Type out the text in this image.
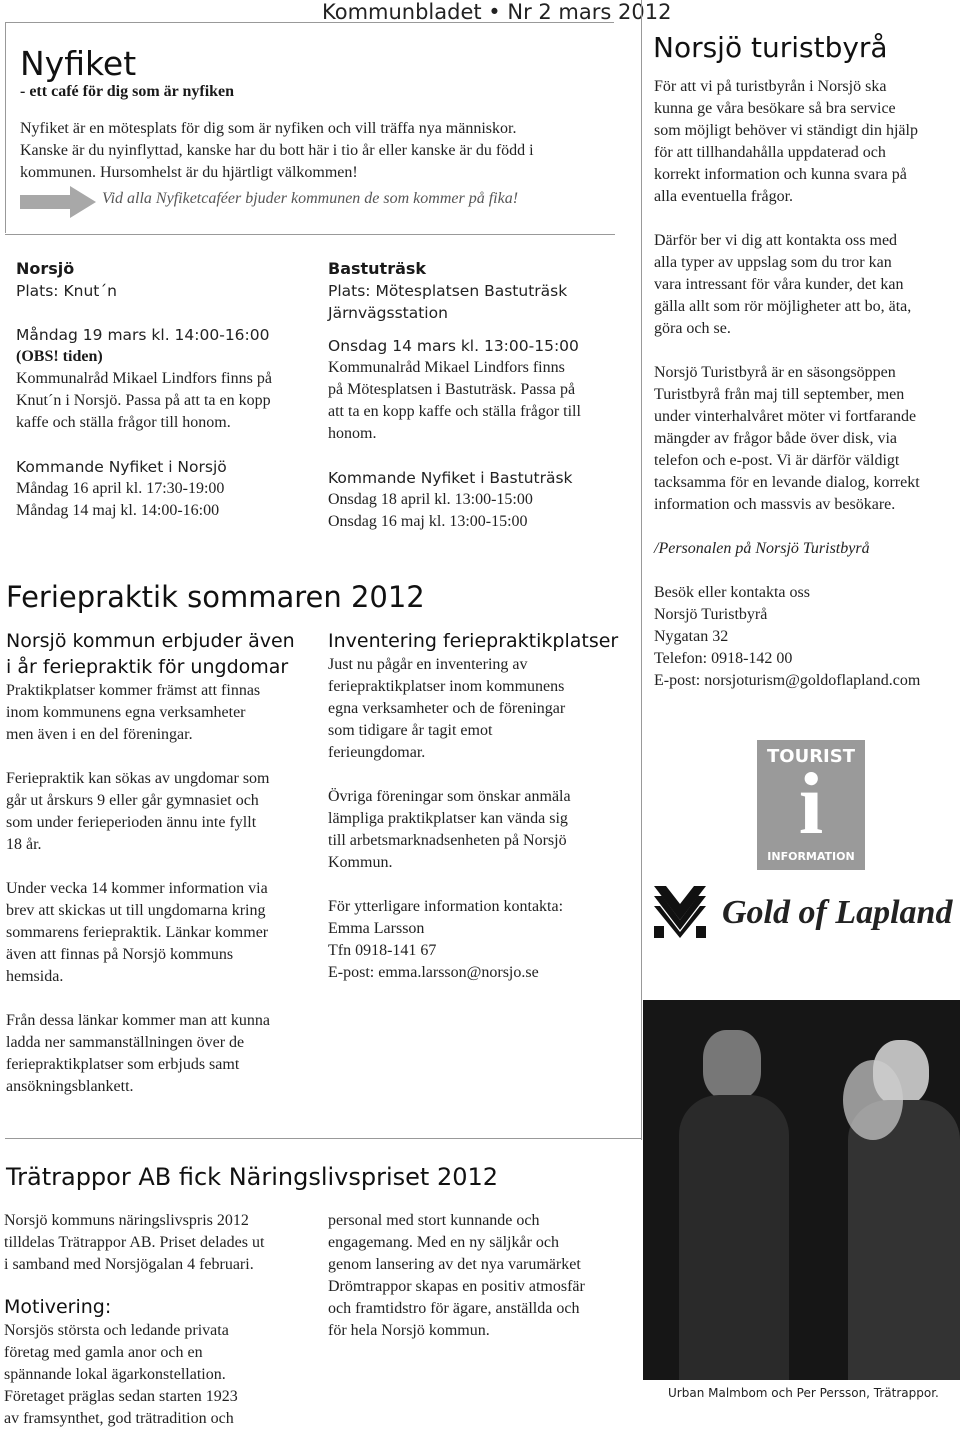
Kommunbladet • Nr 2 mars 2012
Nyfiket
- ett café för dig som är nyfiken

Nyfiket är en mötesplats för dig som är nyfiken och vill träffa nya människor.

Kanske är du nyinflyttad, kanske har du bott här i tio år eller kanske är du född i

kommunen. Hursomhelst är du hjärtligt välkommen!

Vid alla Nyfiketcaféer bjuder kommunen de som kommer på fika!
Norsjö
Plats: Knut´n
Måndag 19 mars kl. 14:00-16:00
(OBS! tiden)

Kommunalråd Mikael Lindfors finns på

Knut´n i Norsjö. Passa på att ta en kopp

kaffe och ställa frågor till honom.

Kommande Nyfiket i Norsjö

Måndag 16 april kl. 17:30-19:00

Måndag 14 maj kl. 14:00-16:00

Bastuträsk

Plats: Mötesplatsen Bastuträsk

Järnvägsstation

Onsdag 14 mars kl. 13:00-15:00

Kommunalråd Mikael Lindfors finns

på Mötesplatsen i Bastuträsk. Passa på

att ta en kopp kaffe och ställa frågor till

honom.

Kommande Nyfiket i Bastuträsk

Onsdag 18 april kl. 13:00-15:00

Onsdag 16 maj kl. 13:00-15:00

Norsjö turistbyrå

För att vi på turistbyrån i Norsjö ska

kunna ge våra besökare så bra service

som möjligt behöver vi ständigt din hjälp

för att tillhandahålla uppdaterad och

korrekt information och kunna svara på

alla eventuella frågor.

Därför ber vi dig att kontakta oss med

alla typer av uppslag som du tror kan

vara intressant för våra kunder, det kan

gälla allt som rör möjligheter att bo, äta,

göra och se.

Norsjö Turistbyrå är en säsongsöppen

Turistbyrå från maj till september, men

under vinterhalvåret möter vi fortfarande

mängder av frågor både över disk, via

telefon och e-post. Vi är därför väldigt

tacksamma för en levande dialog, korrekt

information och massvis av besökare.

/Personalen på Norsjö Turistbyrå

Besök eller kontakta oss

Norsjö Turistbyrå

Nygatan 32

Telefon: 0918-142 00

E-post: norsjoturism@goldoflapland.com

TOURIST
i
INFORMATION
Gold of Lapland
Feriepraktik sommaren 2012

Norsjö kommun erbjuder även

i år feriepraktik för ungdomar

Praktikplatser kommer främst att finnas

inom kommunens egna verksamheter

men även i en del föreningar.

Feriepraktik kan sökas av ungdomar som

går ut årskurs 9 eller går gymnasiet och

som under ferieperioden ännu inte fyllt

18 år.

Under vecka 14 kommer information via

brev att skickas ut till ungdomarna kring

sommarens feriepraktik. Länkar kommer

även att finnas på Norsjö kommuns

hemsida.

Från dessa länkar kommer man att kunna

ladda ner sammanställningen över de

feriepraktikplatser som erbjuds samt

ansökningsblankett.

Inventering feriepraktikplatser

Just nu pågår en inventering av

feriepraktikplatser inom kommunens

egna verksamheter och de föreningar

som tidigare år tagit emot

ferieungdomar.

Övriga föreningar som önskar anmäla

lämpliga praktikplatser kan vända sig

till arbetsmarknadsenheten på Norsjö

Kommun.

För ytterligare information kontakta:

Emma Larsson

Tfn 0918-141 67

E-post: emma.larsson@norsjo.se

Urban Malmbom och Per Persson, Trätrappor.
Trätrappor AB fick Näringslivspriset 2012

Norsjö kommuns näringslivspris 2012

tilldelas Trätrappor AB. Priset delades ut

i samband med Norsjögalan 4 februari.

Motivering:

Norsjös största och ledande privata

företag med gamla anor och en

spännande lokal ägarkonstellation.

Företaget präglas sedan starten 1923

av framsynthet, god trätradition och

personal med stort kunnande och

engagemang. Med en ny säljkår och

genom lansering av det nya varumärket

Drömtrappor skapas en positiv atmosfär

och framtidstro för ägare, anställda och

för hela Norsjö kommun.
